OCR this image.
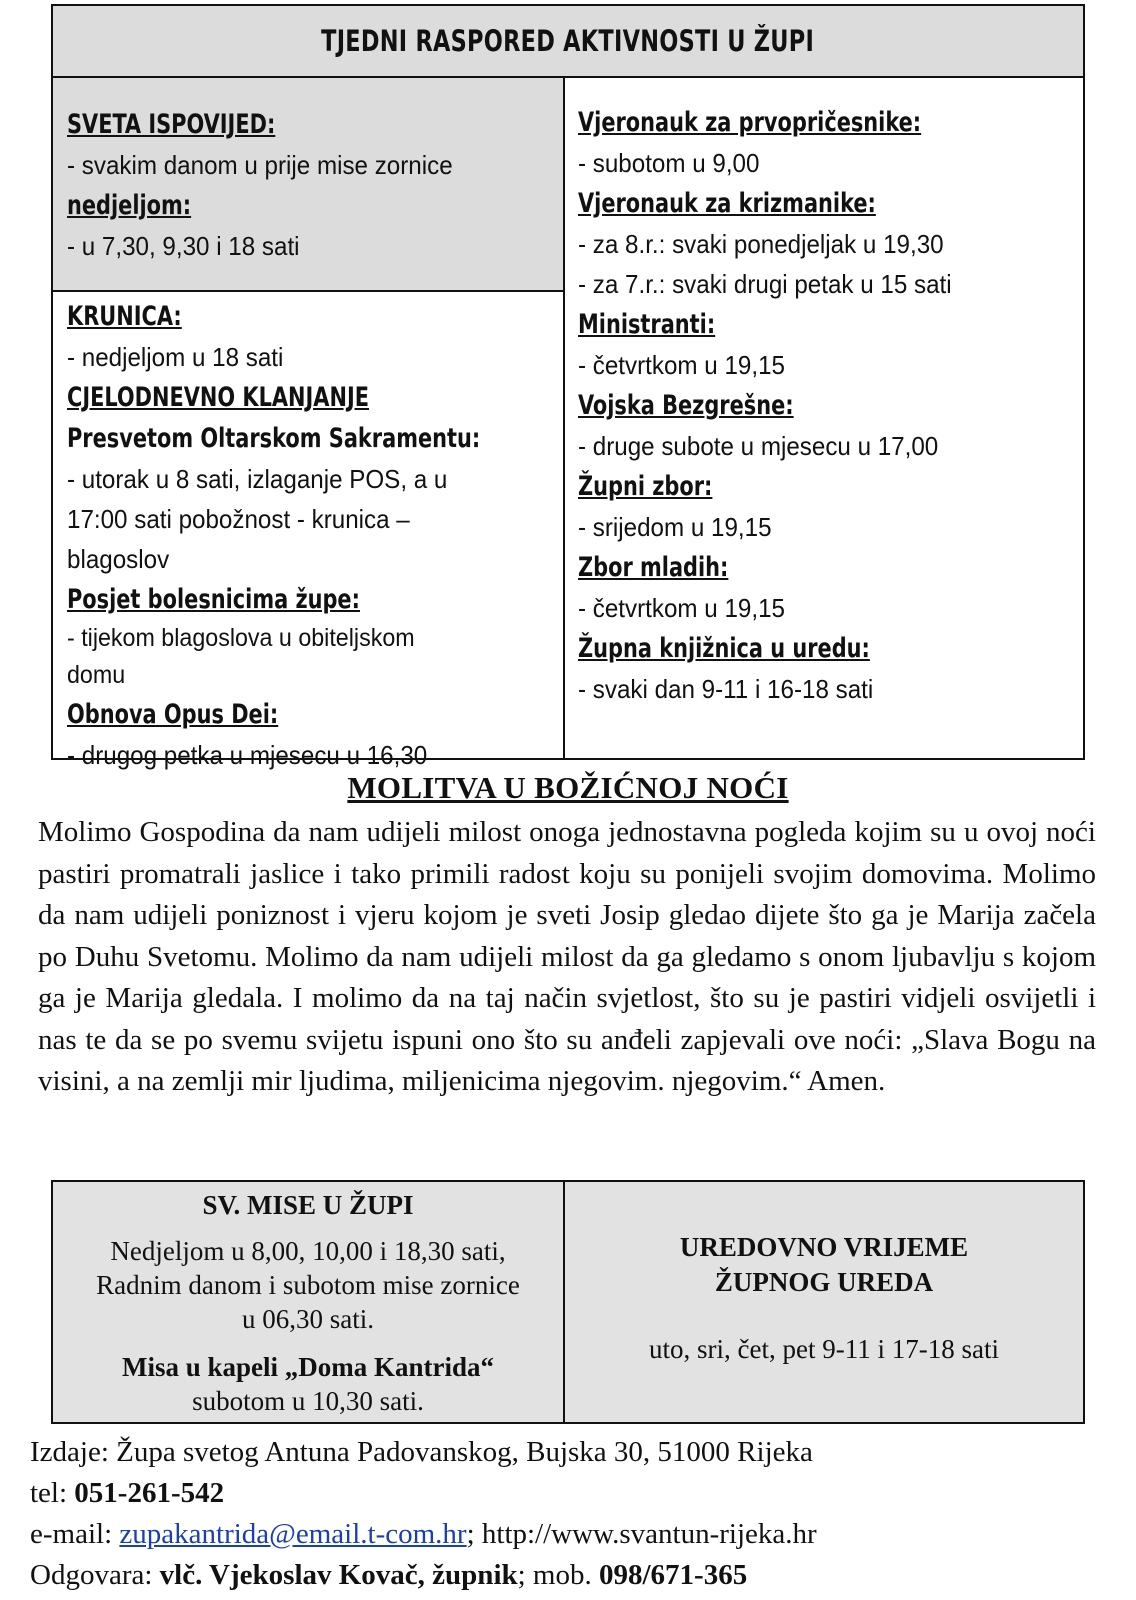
TJEDNI RASPORED AKTIVNOSTI U ŽUPI
SVETA ISPOVIJED:
- svakim danom u prije mise zornice
nedjeljom:
- u 7,30, 9,30 i 18 sati
KRUNICA:
- nedjeljom u 18 sati
CJELODNEVNO KLANJANJE
Presvetom Oltarskom Sakramentu:
- utorak u 8 sati, izlaganje POS, a u
17:00 sati pobožnost - krunica –
blagoslov
Posjet bolesnicima župe:
- tijekom blagoslova u obiteljskom
domu
Obnova Opus Dei:
- drugog petka u mjesecu u 16,30
Vjeronauk za prvopričesnike:
- subotom u 9,00
Vjeronauk za krizmanike:
- za 8.r.: svaki ponedjeljak u 19,30
- za 7.r.: svaki drugi petak u 15 sati
Ministranti:
- četvrtkom u 19,15
Vojska Bezgrešne:
- druge subote u mjesecu u 17,00
Župni zbor:
- srijedom u 19,15
Zbor mladih:
- četvrtkom u 19,15
Župna knjižnica u uredu:
- svaki dan 9-11 i 16-18 sati
MOLITVA U BOŽIĆNOJ NOĆI
Molimo Gospodina da nam udijeli milost onoga jednostavna pogleda kojim su u ovoj noći pastiri promatrali jaslice i tako primili radost koju su ponijeli svojim domovima. Molimo da nam udijeli poniznost i vjeru kojom je sveti Josip gledao dijete što ga je Marija začela po Duhu Svetomu. Molimo da nam udijeli milost da ga gledamo s onom ljubavlju s kojom ga je Marija gledala. I molimo da na taj način svjetlost, što su je pastiri vidjeli osvijetli i nas te da se po svemu svijetu ispuni ono što su anđeli zapjevali ove noći: „Slava Bogu na visini, a na zemlji mir ljudima, miljenicima njegovim. njegovim.“ Amen.
SV. MISE U ŽUPI
Nedjeljom u 8,00, 10,00 i 18,30 sati,
Radnim danom i subotom mise zornice
u 06,30 sati.
Misa u kapeli „Doma Kantrida“
subotom u 10,30 sati.
UREDOVNO VRIJEME
ŽUPNOG UREDA
uto, sri, čet, pet 9-11 i 17-18 sati
Izdaje: Župa svetog Antuna Padovanskog, Bujska 30, 51000 Rijeka
tel: 051-261-542
e-mail: zupakantrida@email.t-com.hr; http://www.svantun-rijeka.hr
Odgovara: vlč. Vjekoslav Kovač, župnik; mob. 098/671-365
